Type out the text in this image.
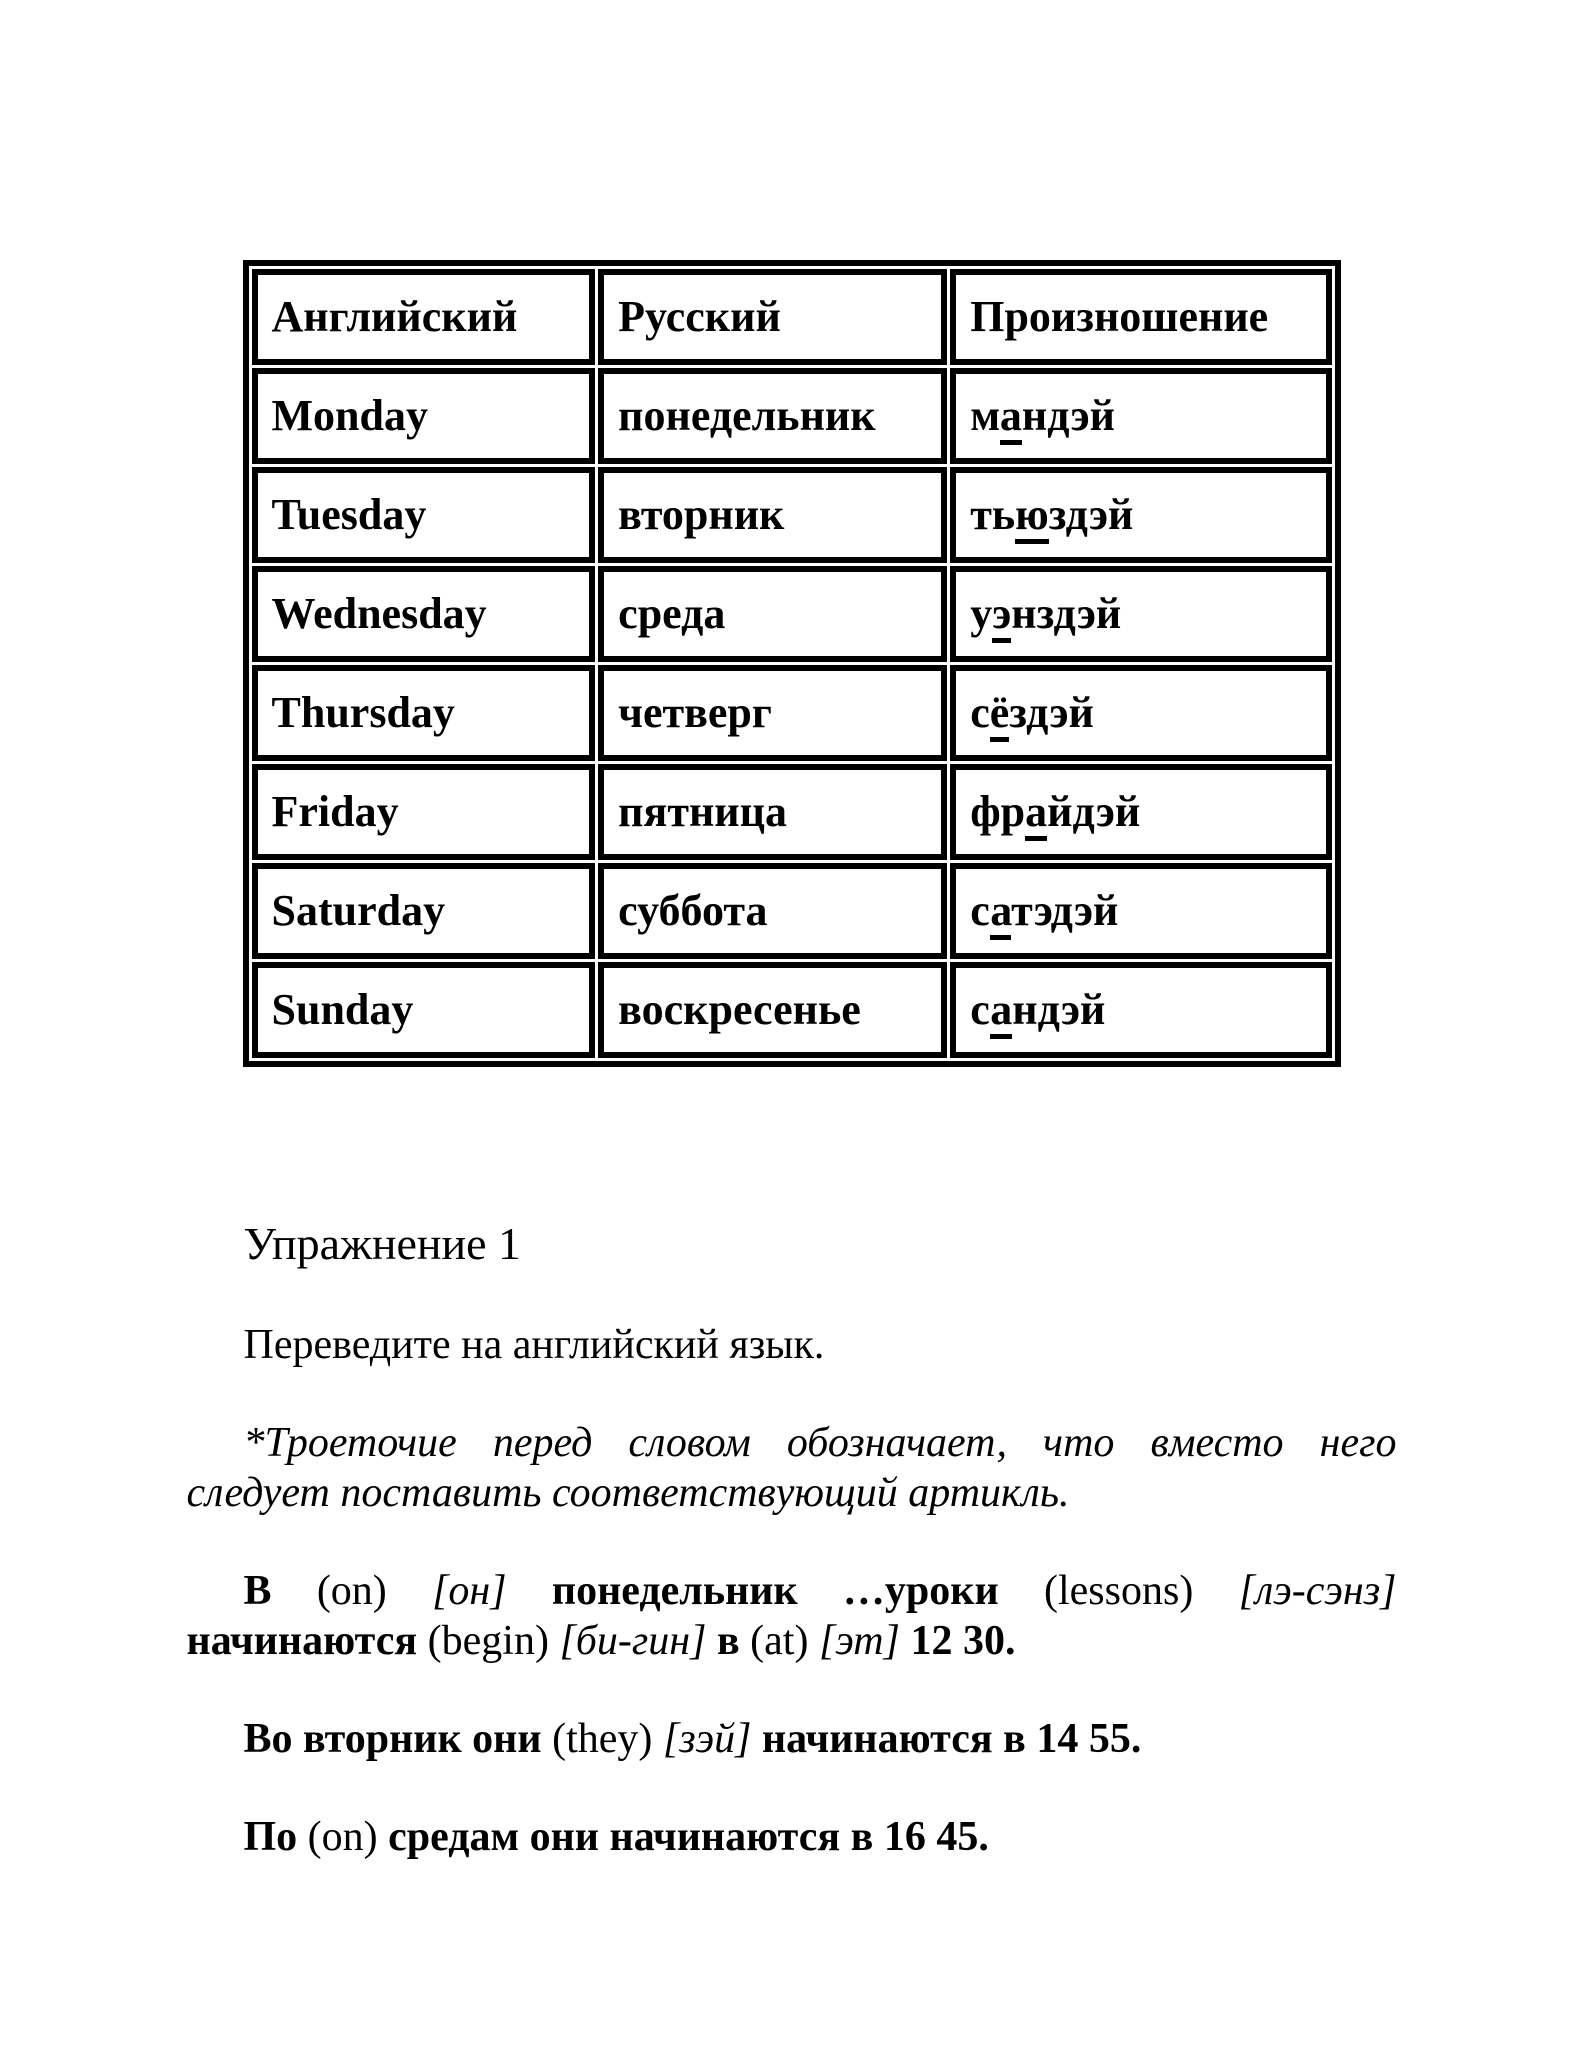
Английский	Русский	Произношение
Monday	понедельник	мандэй
Tuesday	вторник	тьюздэй
Wednesday	среда	уэнздэй
Thursday	четверг	сёздэй
Friday	пятница	фрайдэй
Saturday	суббота	сатэдэй
Sunday	воскресенье	сандэй
Упражнение 1

Переведите на английский язык.

*Троеточие перед словом обозначает, что вместо него следует поставить соответствующий артикль.

В (on) [он] понедельник …уроки (lessons) [лэ-сэнз] начинаются (begin) [би-гин] в (at) [эт] 12 30.

Во вторник они (they) [зэй] начинаются в 14 55.

По (on) средам они начинаются в 16 45.
